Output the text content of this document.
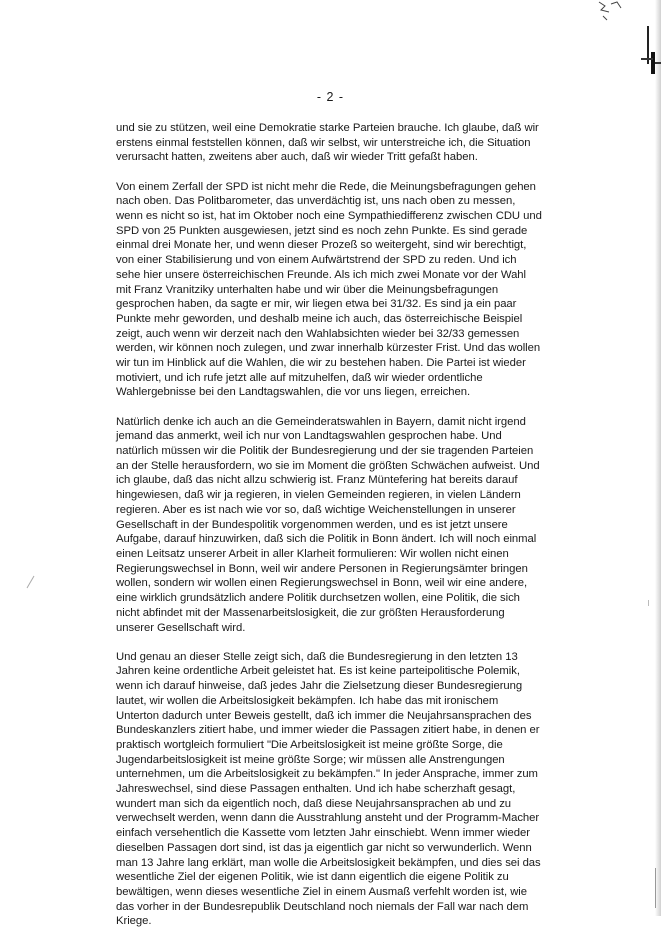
- 2 -
und sie zu stützen, weil eine Demokratie starke Parteien brauche. Ich glaube, daß wir
erstens einmal feststellen können, daß wir selbst, wir unterstreiche ich, die Situation
verursacht hatten, zweitens aber auch, daß wir wieder Tritt gefaßt haben.
Von einem Zerfall der SPD ist nicht mehr die Rede, die Meinungsbefragungen gehen
nach oben. Das Politbarometer, das unverdächtig ist, uns nach oben zu messen,
wenn es nicht so ist, hat im Oktober noch eine Sympathiedifferenz zwischen CDU und
SPD von 25 Punkten ausgewiesen, jetzt sind es noch zehn Punkte. Es sind gerade
einmal drei Monate her, und wenn dieser Prozeß so weitergeht, sind wir berechtigt,
von einer Stabilisierung und von einem Aufwärtstrend der SPD zu reden. Und ich
sehe hier unsere österreichischen Freunde. Als ich mich zwei Monate vor der Wahl
mit Franz Vranitziky unterhalten habe und wir über die Meinungsbefragungen
gesprochen haben, da sagte er mir, wir liegen etwa bei 31/32. Es sind ja ein paar
Punkte mehr geworden, und deshalb meine ich auch, das österreichische Beispiel
zeigt, auch wenn wir derzeit nach den Wahlabsichten wieder bei 32/33 gemessen
werden, wir können noch zulegen, und zwar innerhalb kürzester Frist. Und das wollen
wir tun im Hinblick auf die Wahlen, die wir zu bestehen haben. Die Partei ist wieder
motiviert, und ich rufe jetzt alle auf mitzuhelfen, daß wir wieder ordentliche
Wahlergebnisse bei den Landtagswahlen, die vor uns liegen, erreichen.
Natürlich denke ich auch an die Gemeinderatswahlen in Bayern, damit nicht irgend
jemand das anmerkt, weil ich nur von Landtagswahlen gesprochen habe. Und
natürlich müssen wir die Politik der Bundesregierung und der sie tragenden Parteien
an der Stelle herausfordern, wo sie im Moment die größten Schwächen aufweist. Und
ich glaube, daß das nicht allzu schwierig ist. Franz Müntefering hat bereits darauf
hingewiesen, daß wir ja regieren, in vielen Gemeinden regieren, in vielen Ländern
regieren. Aber es ist nach wie vor so, daß wichtige Weichenstellungen in unserer
Gesellschaft in der Bundespolitik vorgenommen werden, und es ist jetzt unsere
Aufgabe, darauf hinzuwirken, daß sich die Politik in Bonn ändert. Ich will noch einmal
einen Leitsatz unserer Arbeit in aller Klarheit formulieren: Wir wollen nicht einen
Regierungswechsel in Bonn, weil wir andere Personen in Regierungsämter bringen
wollen, sondern wir wollen einen Regierungswechsel in Bonn, weil wir eine andere,
eine wirklich grundsätzlich andere Politik durchsetzen wollen, eine Politik, die sich
nicht abfindet mit der Massenarbeitslosigkeit, die zur größten Herausforderung
unserer Gesellschaft wird.
Und genau an dieser Stelle zeigt sich, daß die Bundesregierung in den letzten 13
Jahren keine ordentliche Arbeit geleistet hat. Es ist keine parteipolitische Polemik,
wenn ich darauf hinweise, daß jedes Jahr die Zielsetzung dieser Bundesregierung
lautet, wir wollen die Arbeitslosigkeit bekämpfen. Ich habe das mit ironischem
Unterton dadurch unter Beweis gestellt, daß ich immer die Neujahrsansprachen des
Bundeskanzlers zitiert habe, und immer wieder die Passagen zitiert habe, in denen er
praktisch wortgleich formuliert "Die Arbeitslosigkeit ist meine größte Sorge, die
Jugendarbeitslosigkeit ist meine größte Sorge; wir müssen alle Anstrengungen
unternehmen, um die Arbeitslosigkeit zu bekämpfen." In jeder Ansprache, immer zum
Jahreswechsel, sind diese Passagen enthalten. Und ich habe scherzhaft gesagt,
wundert man sich da eigentlich noch, daß diese Neujahrsansprachen ab und zu
verwechselt werden, wenn dann die Ausstrahlung ansteht und der Programm-Macher
einfach versehentlich die Kassette vom letzten Jahr einschiebt. Wenn immer wieder
dieselben Passagen dort sind, ist das ja eigentlich gar nicht so verwunderlich. Wenn
man 13 Jahre lang erklärt, man wolle die Arbeitslosigkeit bekämpfen, und dies sei das
wesentliche Ziel der eigenen Politik, wie ist dann eigentlich die eigene Politik zu
bewältigen, wenn dieses wesentliche Ziel in einem Ausmaß verfehlt worden ist, wie
das vorher in der Bundesrepublik Deutschland noch niemals der Fall war nach dem
Kriege.
